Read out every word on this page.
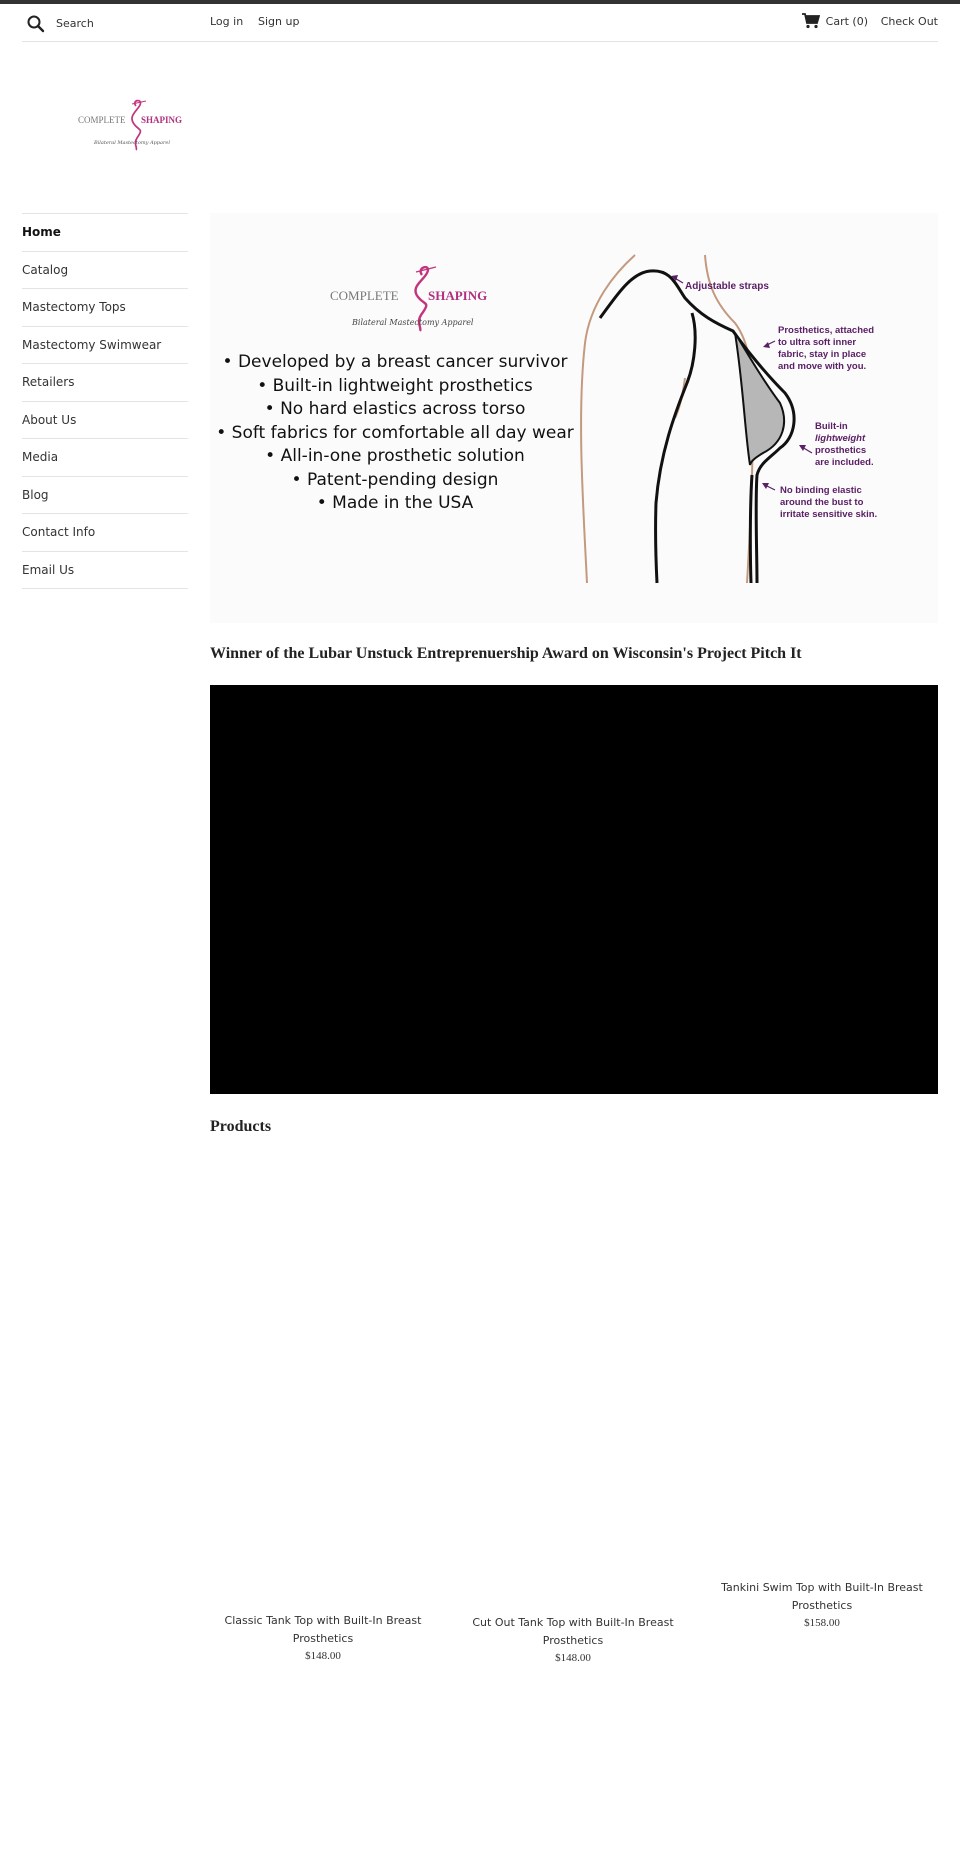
Search
Log in Sign up	Cart (0) Check Out
COMPLETE SHAPING
Bilateral Mastectomy Apparel
Home
Catalog
Mastectomy Tops
Mastectomy Swimwear
Retailers
About Us
Media
Blog
Contact Info
Email Us
COMPLETE SHAPING
Bilateral Mastectomy Apparel
• Developed by a breast cancer survivor
• Built-in lightweight prosthetics
• No hard elastics across torso
• Soft fabrics for comfortable all day wear
• All-in-one prosthetic solution
• Patent-pending design
• Made in the USA
Adjustable straps
Prosthetics, attached
to ultra soft inner
fabric, stay in place
and move with you.
Built-in
lightweight
prosthetics
are included.
No binding elastic
around the bust to
irritate sensitive skin.
Winner of the Lubar Unstuck Entreprenuership Award on Wisconsin's Project Pitch It
Products
Classic Tank Top with Built-In Breast Prosthetics
$148.00
Cut Out Tank Top with Built-In Breast Prosthetics
$148.00
Tankini Swim Top with Built-In Breast Prosthetics
$158.00
